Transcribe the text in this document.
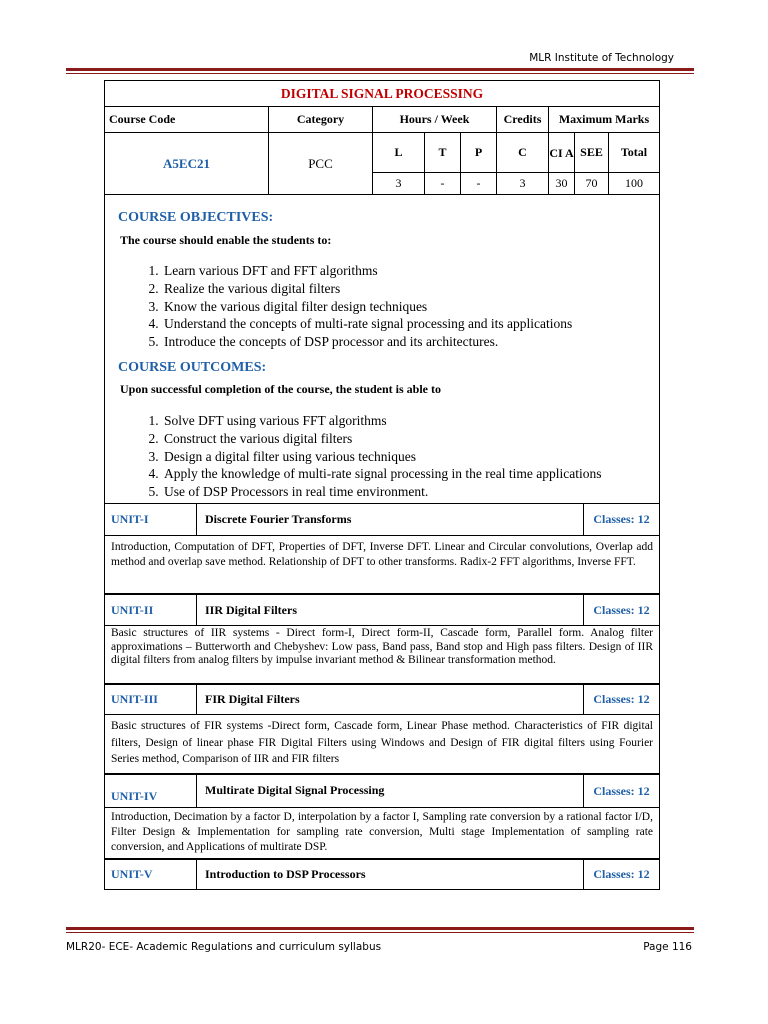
MLR Institute of Technology
DIGITAL SIGNAL PROCESSING								
Course Code	Category	Hours / Week			Credits	Maximum Marks		
A5EC21	PCC	L	T	P	C	CI A	SEE	Total
		3	-	-	3	30	70	100
COURSE OBJECTIVES:
The course should enable the students to:
1. Learn various DFT and FFT algorithms
2. Realize the various digital filters
3. Know the various digital filter design techniques
4. Understand the concepts of multi-rate signal processing and its applications
5. Introduce the concepts of DSP processor and its architectures.
COURSE OUTCOMES:
Upon successful completion of the course, the student is able to
1. Solve DFT using various FFT algorithms
2. Construct the various digital filters
3. Design a digital filter using various techniques
4. Apply the knowledge of multi-rate signal processing in the real time applications
5. Use of DSP Processors in real time environment.
UNIT-I	Discrete Fourier Transforms	Classes: 12
Introduction, Computation of DFT, Properties of DFT, Inverse DFT. Linear and Circular convolutions, Overlap add method and overlap save method. Relationship of DFT to other transforms. Radix-2 FFT algorithms, Inverse FFT.
UNIT-II	IIR Digital Filters	Classes: 12
Basic structures of IIR systems - Direct form-I, Direct form-II, Cascade form, Parallel form. Analog filter approximations – Butterworth and Chebyshev: Low pass, Band pass, Band stop and High pass filters. Design of IIR digital filters from analog filters by impulse invariant method & Bilinear transformation method.
UNIT-III	FIR Digital Filters	Classes: 12
Basic structures of FIR systems -Direct form, Cascade form, Linear Phase method. Characteristics of FIR digital filters, Design of linear phase FIR Digital Filters using Windows and Design of FIR digital filters using Fourier Series method, Comparison of IIR and FIR filters
UNIT-IV	Multirate Digital Signal Processing	Classes: 12
Introduction, Decimation by a factor D, interpolation by a factor I, Sampling rate conversion by a rational factor I/D, Filter Design & Implementation for sampling rate conversion, Multi stage Implementation of sampling rate conversion, and Applications of multirate DSP.
UNIT-V	Introduction to DSP Processors	Classes: 12
MLR20- ECE- Academic Regulations and curriculum syllabus	Page 116
